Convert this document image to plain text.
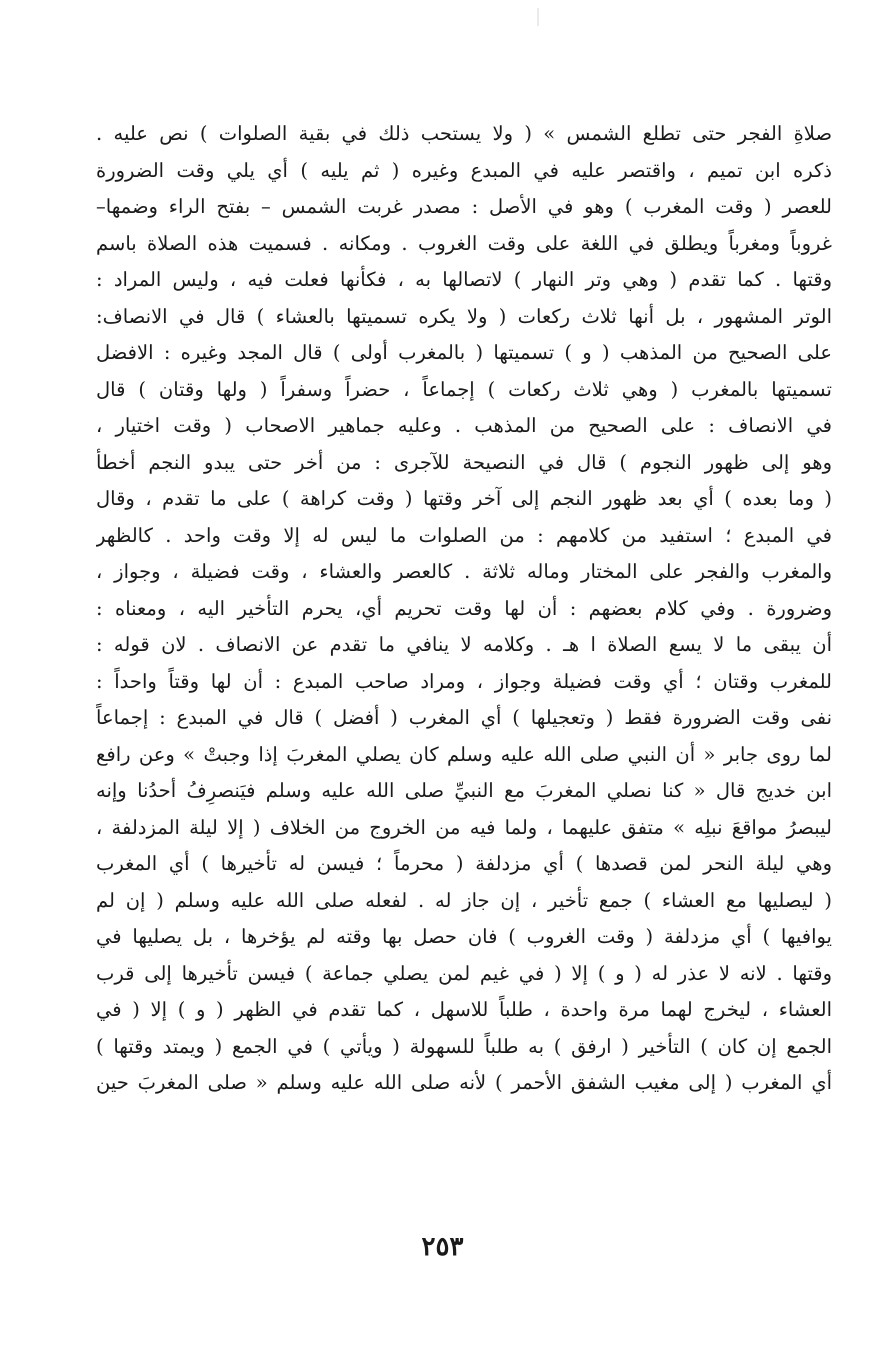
صلاةِ الفجر حتى تطلع الشمس » ( ولا يستحب ذلك في بقية الصلوات ) نص عليه .
ذكره ابن تميم ، واقتصر عليه في المبدع وغيره ( ثم يليه ) أي يلي وقت الضرورة
للعصر ( وقت المغرب ) وهو في الأصل : مصدر غربت الشمس – بفتح الراء وضمها–
غروباً ومغرباً ويطلق في اللغة على وقت الغروب . ومكانه . فسميت هذه الصلاة باسم
وقتها . كما تقدم ( وهي وتر النهار ) لاتصالها به ، فكأنها فعلت فيه ، وليس المراد :
الوتر المشهور ، بل أنها ثلاث ركعات ( ولا يكره تسميتها بالعشاء ) قال في الانصاف:
على الصحيح من المذهب ( و ) تسميتها ( بالمغرب أولى ) قال المجد وغيره : الافضل
تسميتها بالمغرب ( وهي ثلاث ركعات ) إجماعاً ، حضراً وسفراً ( ولها وقتان ) قال
في الانصاف : على الصحيح من المذهب . وعليه جماهير الاصحاب ( وقت اختيار ،
وهو إلى ظهور النجوم ) قال في النصيحة للآجرى : من أخر حتى يبدو النجم أخطأ
( وما بعده ) أي بعد ظهور النجم إلى آخر وقتها ( وقت كراهة ) على ما تقدم ، وقال
في المبدع ؛ استفيد من كلامهم : من الصلوات ما ليس له إلا وقت واحد . كالظهر
والمغرب والفجر على المختار وماله ثلاثة . كالعصر والعشاء ، وقت فضيلة ، وجواز ،
وضرورة . وفي كلام بعضهم : أن لها وقت تحريم أي، يحرم التأخير اليه ، ومعناه :
أن يبقى ما لا يسع الصلاة ا هـ . وكلامه لا ينافي ما تقدم عن الانصاف . لان قوله :
للمغرب وقتان ؛ أي وقت فضيلة وجواز ، ومراد صاحب المبدع : أن لها وقتاً واحداً :
نفى وقت الضرورة فقط ( وتعجيلها ) أي المغرب ( أفضل ) قال في المبدع : إجماعاً
لما روى جابر « أن النبي صلى الله عليه وسلم كان يصلي المغربَ إذا وجبتْ » وعن رافع
ابن خديج قال « كنا نصلي المغربَ مع النبيِّ صلى الله عليه وسلم فيَنصرِفُ أحدُنا وإنه
ليبصرُ مواقعَ نبلِه » متفق عليهما ، ولما فيه من الخروج من الخلاف ( إلا ليلة المزدلفة ،
وهي ليلة النحر لمن قصدها ) أي مزدلفة ( محرماً ؛ فيسن له تأخيرها ) أي المغرب
( ليصليها مع العشاء ) جمع تأخير ، إن جاز له . لفعله صلى الله عليه وسلم ( إن لم
يوافيها ) أي مزدلفة ( وقت الغروب ) فان حصل بها وقته لم يؤخرها ، بل يصليها في
وقتها . لانه لا عذر له ( و ) إلا ( في غيم لمن يصلي جماعة ) فيسن تأخيرها إلى قرب
العشاء ، ليخرج لهما مرة واحدة ، طلباً للاسهل ، كما تقدم في الظهر ( و ) إلا ( في
الجمع إن كان ) التأخير ( ارفق ) به طلباً للسهولة ( ويأتي ) في الجمع ( ويمتد وقتها )
أي المغرب ( إلى مغيب الشفق الأحمر ) لأنه صلى الله عليه وسلم « صلى المغربَ حين
٢٥٣
